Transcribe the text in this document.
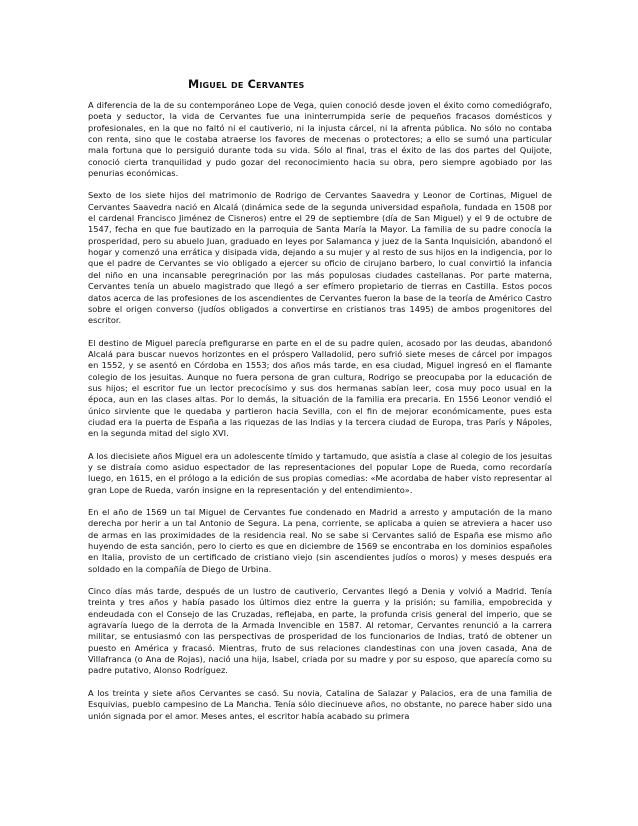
Miguel de Cervantes

A diferencia de la de su contemporáneo Lope de Vega, quien conoció desde joven el éxito como comediógrafo, poeta y seductor, la vida de Cervantes fue una ininterrumpida serie de pequeños fracasos domésticos y profesionales, en la que no faltó ni el cautiverio, ni la injusta cárcel, ni la afrenta pública. No sólo no contaba con renta, sino que le costaba atraerse los favores de mecenas o protectores; a ello se sumó una particular mala fortuna que lo persiguió durante toda su vida. Sólo al final, tras el éxito de las dos partes del Quijote, conoció cierta tranquilidad y pudo gozar del reconocimiento hacia su obra, pero siempre agobiado por las penurias económicas.

Sexto de los siete hijos del matrimonio de Rodrigo de Cervantes Saavedra y Leonor de Cortinas, Miguel de Cervantes Saavedra nació en Alcalá (dinámica sede de la segunda universidad española, fundada en 1508 por el cardenal Francisco Jiménez de Cisneros) entre el 29 de septiembre (día de San Miguel) y el 9 de octubre de 1547, fecha en que fue bautizado en la parroquia de Santa María la Mayor. La familia de su padre conocía la prosperidad, pero su abuelo Juan, graduado en leyes por Salamanca y juez de la Santa Inquisición, abandonó el hogar y comenzó una errática y disipada vida, dejando a su mujer y al resto de sus hijos en la indigencia, por lo que el padre de Cervantes se vio obligado a ejercer su oficio de cirujano barbero, lo cual convirtió la infancia del niño en una incansable peregrinación por las más populosas ciudades castellanas. Por parte materna, Cervantes tenía un abuelo magistrado que llegó a ser efímero propietario de tierras en Castilla. Estos pocos datos acerca de las profesiones de los ascendientes de Cervantes fueron la base de la teoría de Américo Castro sobre el origen converso (judíos obligados a convertirse en cristianos tras 1495) de ambos progenitores del escritor.

El destino de Miguel parecía prefigurarse en parte en el de su padre quien, acosado por las deudas, abandonó Alcalá para buscar nuevos horizontes en el próspero Valladolid, pero sufrió siete meses de cárcel por impagos en 1552, y se asentó en Córdoba en 1553; dos años más tarde, en esa ciudad, Miguel ingresó en el flamante colegio de los jesuitas. Aunque no fuera persona de gran cultura, Rodrigo se preocupaba por la educación de sus hijos; el escritor fue un lector precocísimo y sus dos hermanas sabían leer, cosa muy poco usual en la época, aun en las clases altas. Por lo demás, la situación de la familia era precaria. En 1556 Leonor vendió el único sirviente que le quedaba y partieron hacia Sevilla, con el fin de mejorar económicamente, pues esta ciudad era la puerta de España a las riquezas de las Indias y la tercera ciudad de Europa, tras París y Nápoles, en la segunda mitad del siglo XVI.

A los diecisiete años Miguel era un adolescente tímido y tartamudo, que asistía a clase al colegio de los jesuitas y se distraía como asiduo espectador de las representaciones del popular Lope de Rueda, como recordaría luego, en 1615, en el prólogo a la edición de sus propias comedias: «Me acordaba de haber visto representar al gran Lope de Rueda, varón insigne en la representación y del entendimiento».

En el año de 1569 un tal Miguel de Cervantes fue condenado en Madrid a arresto y amputación de la mano derecha por herir a un tal Antonio de Segura. La pena, corriente, se aplicaba a quien se atreviera a hacer uso de armas en las proximidades de la residencia real. No se sabe si Cervantes salió de España ese mismo año huyendo de esta sanción, pero lo cierto es que en diciembre de 1569 se encontraba en los dominios españoles en Italia, provisto de un certificado de cristiano viejo (sin ascendientes judíos o moros) y meses después era soldado en la compañía de Diego de Urbina.

Cinco días más tarde, después de un lustro de cautiverio, Cervantes llegó a Denia y volvió a Madrid. Tenía treinta y tres años y había pasado los últimos diez entre la guerra y la prisión; su familia, empobrecida y endeudada con el Consejo de las Cruzadas, reflejaba, en parte, la profunda crisis general del imperio, que se agravaría luego de la derrota de la Armada Invencible en 1587. Al retomar, Cervantes renunció a la carrera militar, se entusiasmó con las perspectivas de prosperidad de los funcionarios de Indias, trató de obtener un puesto en América y fracasó. Mientras, fruto de sus relaciones clandestinas con una joven casada, Ana de Villafranca (o Ana de Rojas), nació una hija, Isabel, criada por su madre y por su esposo, que aparecía como su padre putativo, Alonso Rodríguez.

A los treinta y siete años Cervantes se casó. Su novia, Catalina de Salazar y Palacios, era de una familia de Esquivias, pueblo campesino de La Mancha. Tenía sólo diecinueve años, no obstante, no parece haber sido una unión signada por el amor. Meses antes, el escritor había acabado su primera
